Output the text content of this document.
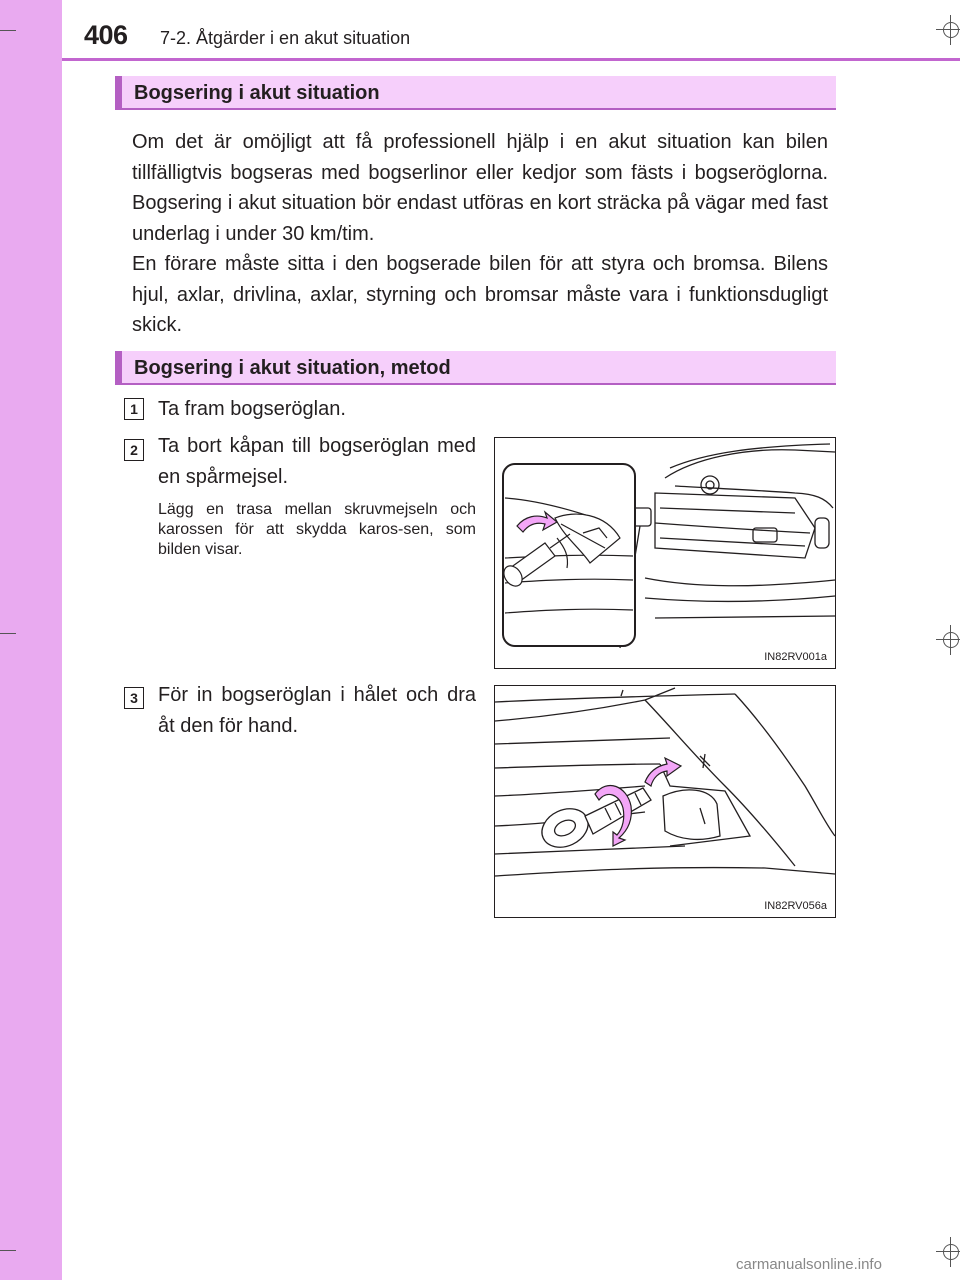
406 7-2. Åtgärder i en akut situation
Bogsering i akut situation
Om det är omöjligt att få professionell hjälp i en akut situation kan bilen tillfälligtvis bogseras med bogserlinor eller kedjor som fästs i bogseröglorna. Bogsering i akut situation bör endast utföras en kort sträcka på vägar med fast underlag i under 30 km/tim.
En förare måste sitta i den bogserade bilen för att styra och bromsa. Bilens hjul, axlar, drivlina, axlar, styrning och bromsar måste vara i funktionsdugligt skick.
Bogsering i akut situation, metod
1	Ta fram bogseröglan.
2	Ta bort kåpan till bogseröglan med en spårmejsel.
Lägg en trasa mellan skruvmejseln och karossen för att skydda karos-sen, som bilden visar.
IN82RV001a
3	För in bogseröglan i hålet och dra åt den för hand.
IN82RV056a
carmanualsonline.info
